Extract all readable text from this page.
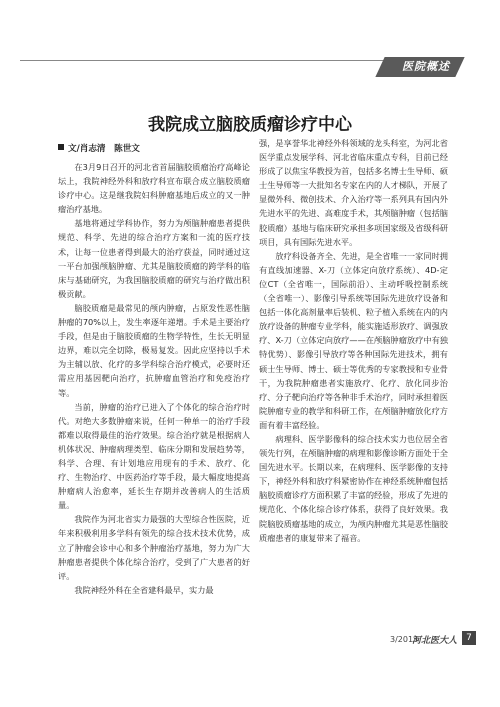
医院概述
我院成立脑胶质瘤诊疗中心
文/肖志清　陈世文

在3月9日召开的河北省首届脑胶质瘤治疗高峰论坛上，我院神经外科和放疗科宣布联合成立脑胶质瘤诊疗中心。这是继我院妇科肿瘤基地后成立的又一肿瘤治疗基地。

基地将通过学科协作，努力为颅脑肿瘤患者提供规范、科学、先进的综合治疗方案和一流的医疗技术，让每一位患者得到最大的治疗获益，同时通过这一平台加强颅脑肿瘤、尤其是脑胶质瘤的跨学科的临床与基础研究，为我国脑胶质瘤的研究与治疗做出积极贡献。

脑胶质瘤是最常见的颅内肿瘤，占原发性恶性脑肿瘤的70%以上，发生率逐年递增。手术是主要治疗手段，但是由于脑胶质瘤的生物学特性，生长无明显边界，难以完全切除，极易复发。因此应坚持以手术为主辅以放、化疗的多学科综合治疗模式，必要时还需应用基因靶向治疗，抗肿瘤血管治疗和免疫治疗等。

当前，肿瘤的治疗已进入了个体化的综合治疗时代。对绝大多数肿瘤来说，任何一种单一的治疗手段都难以取得最佳的治疗效果。综合治疗就是根据病人机体状况、肿瘤病理类型、临床分期和发展趋势等，科学、合理、有计划地应用现有的手术、放疗、化疗、生物治疗、中医药治疗等手段，最大幅度地提高肿瘤病人治愈率，延长生存期并改善病人的生活质量。

我院作为河北省实力最强的大型综合性医院，近年来积极利用多学科有领先的综合技术技术优势，成立了肿瘤会诊中心和多个肿瘤治疗基地，努力为广大肿瘤患者提供个体化综合治疗，受到了广大患者的好评。

我院神经外科在全省建科最早，实力最

强，是享誉华北神经外科领域的龙头科室，为河北省医学重点发展学科、河北省临床重点专科，目前已经形成了以焦宝华教授为首，包括多名博士生导师、硕士生导师等一大批知名专家在内的人才梯队，开展了显微外科、微创技术、介入治疗等一系列具有国内外先进水平的先进、高难度手术，其颅脑肿瘤（包括脑胶质瘤）基地与临床研究承担多项国家级及省级科研项目，具有国际先进水平。

放疗科设备齐全、先进，是全省唯一一家同时拥有直线加速器、X-刀（立体定向放疗系统）、4D-定位CT（全省唯一，国际前沿）、主动呼吸控制系统（全省唯一）、影像引导系统等国际先进放疗设备和包括一体化高剂量率后装机、粒子植入系统在内的内放疗设备的肿瘤专业学科，能实施适形放疗、调强放疗、X-刀（立体定向放疗——在颅脑肿瘤放疗中有独特优势）、影像引导放疗等各种国际先进技术，拥有硕士生导师、博士、硕士等优秀的专家教授和专业骨干，为我院肿瘤患者实施放疗、化疗、放化同步治疗、分子靶向治疗等各种非手术治疗，同时承担着医院肿瘤专业的教学和科研工作，在颅脑肿瘤放化疗方面有着丰富经验。

病理科、医学影像科的综合技术实力也位居全省领先行列，在颅脑肿瘤的病理和影像诊断方面处于全国先进水平。长期以来，在病理科、医学影像的支持下，神经外科和放疗科紧密协作在神经系统肿瘤包括脑胶质瘤诊疗方面积累了丰富的经验，形成了先进的规范化、个体化综合诊疗体系，获得了良好效果。我院脑胶质瘤基地的成立，为颅内肿瘤尤其是恶性脑胶质瘤患者的康复带来了福音。

3/2013
河北医大人	7
